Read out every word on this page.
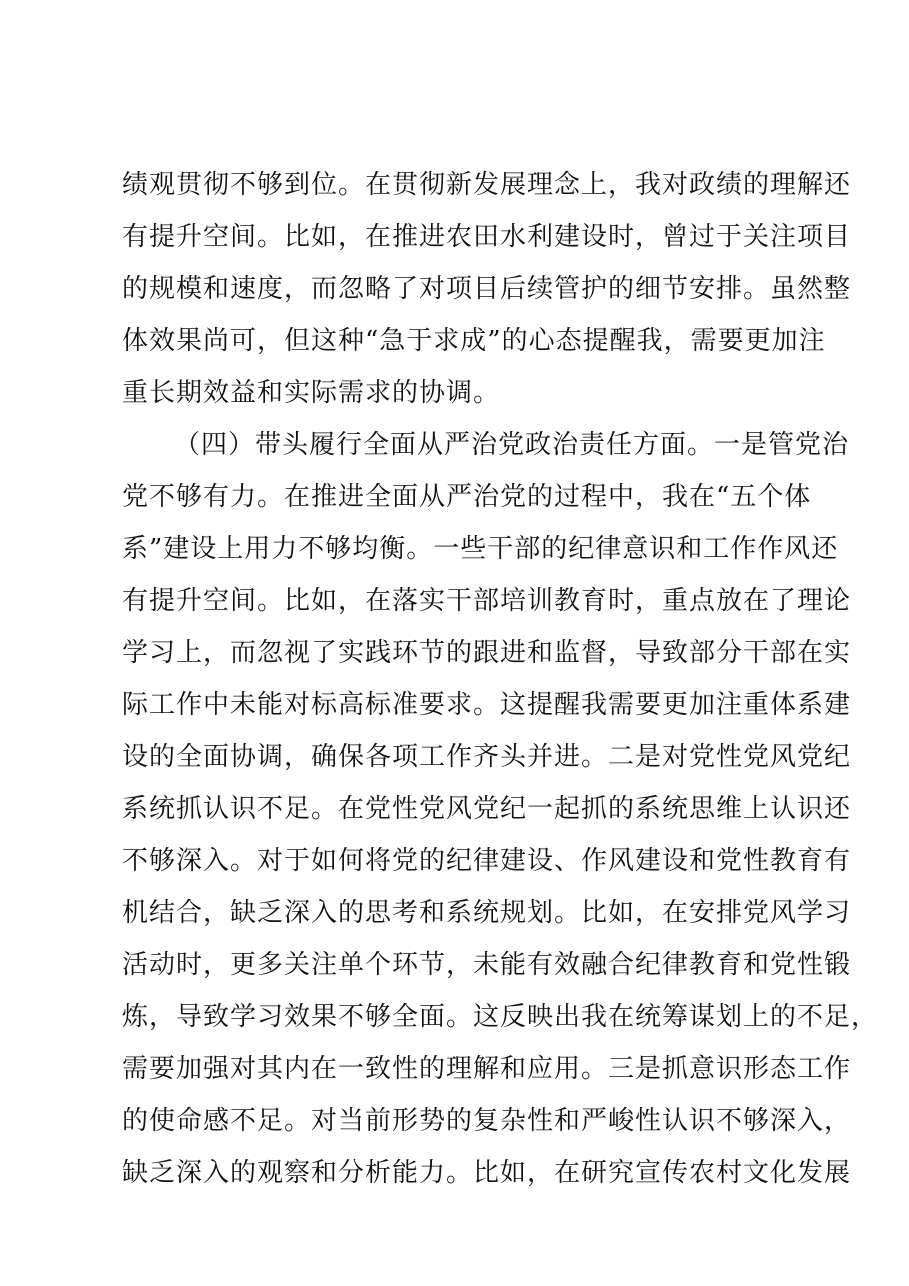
绩观贯彻不够到位。在贯彻新发展理念上，我对政绩的理解还
有提升空间。比如，在推进农田水利建设时，曾过于关注项目
的规模和速度，而忽略了对项目后续管护的细节安排。虽然整
体效果尚可，但这种“急于求成”的心态提醒我，需要更加注
重长期效益和实际需求的协调。
（四）带头履行全面从严治党政治责任方面。一是管党治
党不够有力。在推进全面从严治党的过程中，我在“五个体
系”建设上用力不够均衡。一些干部的纪律意识和工作作风还
有提升空间。比如，在落实干部培训教育时，重点放在了理论
学习上，而忽视了实践环节的跟进和监督，导致部分干部在实
际工作中未能对标高标准要求。这提醒我需要更加注重体系建
设的全面协调，确保各项工作齐头并进。二是对党性党风党纪
系统抓认识不足。在党性党风党纪一起抓的系统思维上认识还
不够深入。对于如何将党的纪律建设、作风建设和党性教育有
机结合，缺乏深入的思考和系统规划。比如，在安排党风学习
活动时，更多关注单个环节，未能有效融合纪律教育和党性锻
炼，导致学习效果不够全面。这反映出我在统筹谋划上的不足，
需要加强对其内在一致性的理解和应用。三是抓意识形态工作
的使命感不足。对当前形势的复杂性和严峻性认识不够深入，
缺乏深入的观察和分析能力。比如，在研究宣传农村文化发展
